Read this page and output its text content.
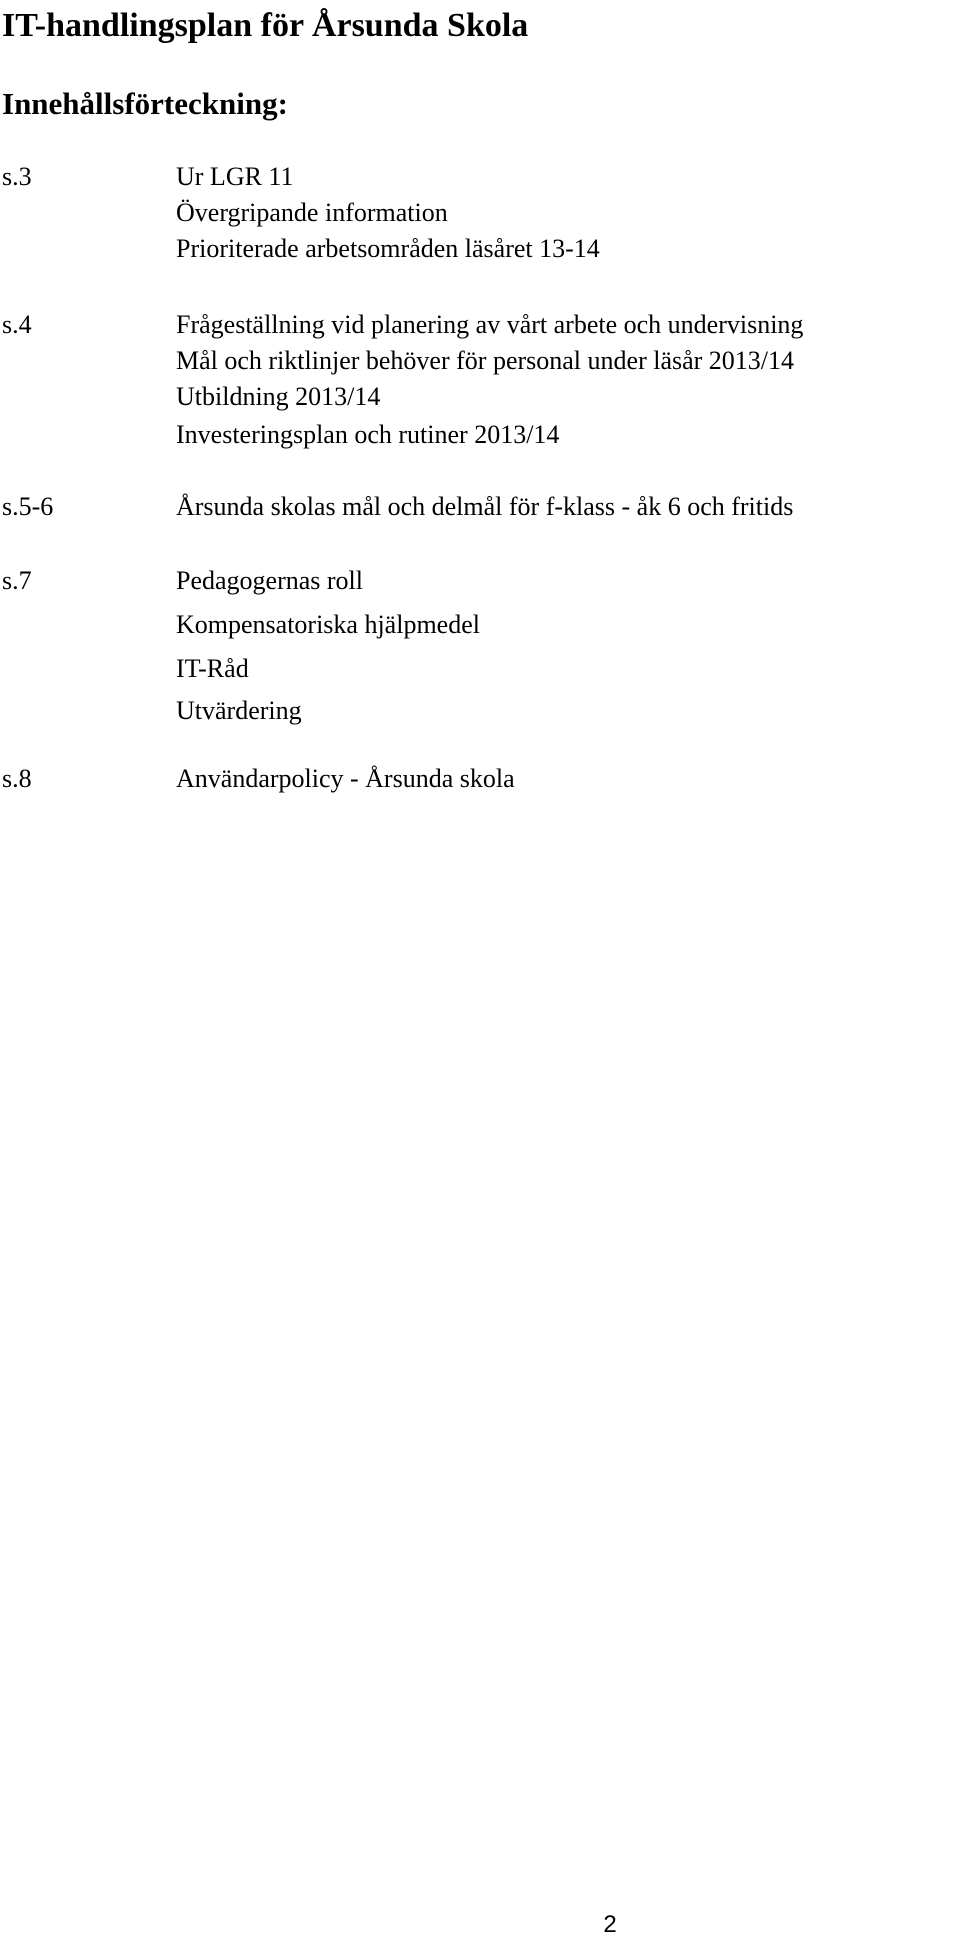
IT-handlingsplan för Årsunda Skola
Innehållsförteckning:
s.3	Ur LGR 11
Övergripande information
Prioriterade arbetsområden läsåret 13-14
s.4	Frågeställning vid planering av vårt arbete och undervisning
Mål och riktlinjer behöver för personal under läsår 2013/14
Utbildning 2013/14
Investeringsplan och rutiner 2013/14
s.5-6	Årsunda skolas mål och delmål för f-klass - åk 6 och fritids
s.7	Pedagogernas roll
Kompensatoriska hjälpmedel
IT-Råd
Utvärdering
s.8	Användarpolicy - Årsunda skola
2
